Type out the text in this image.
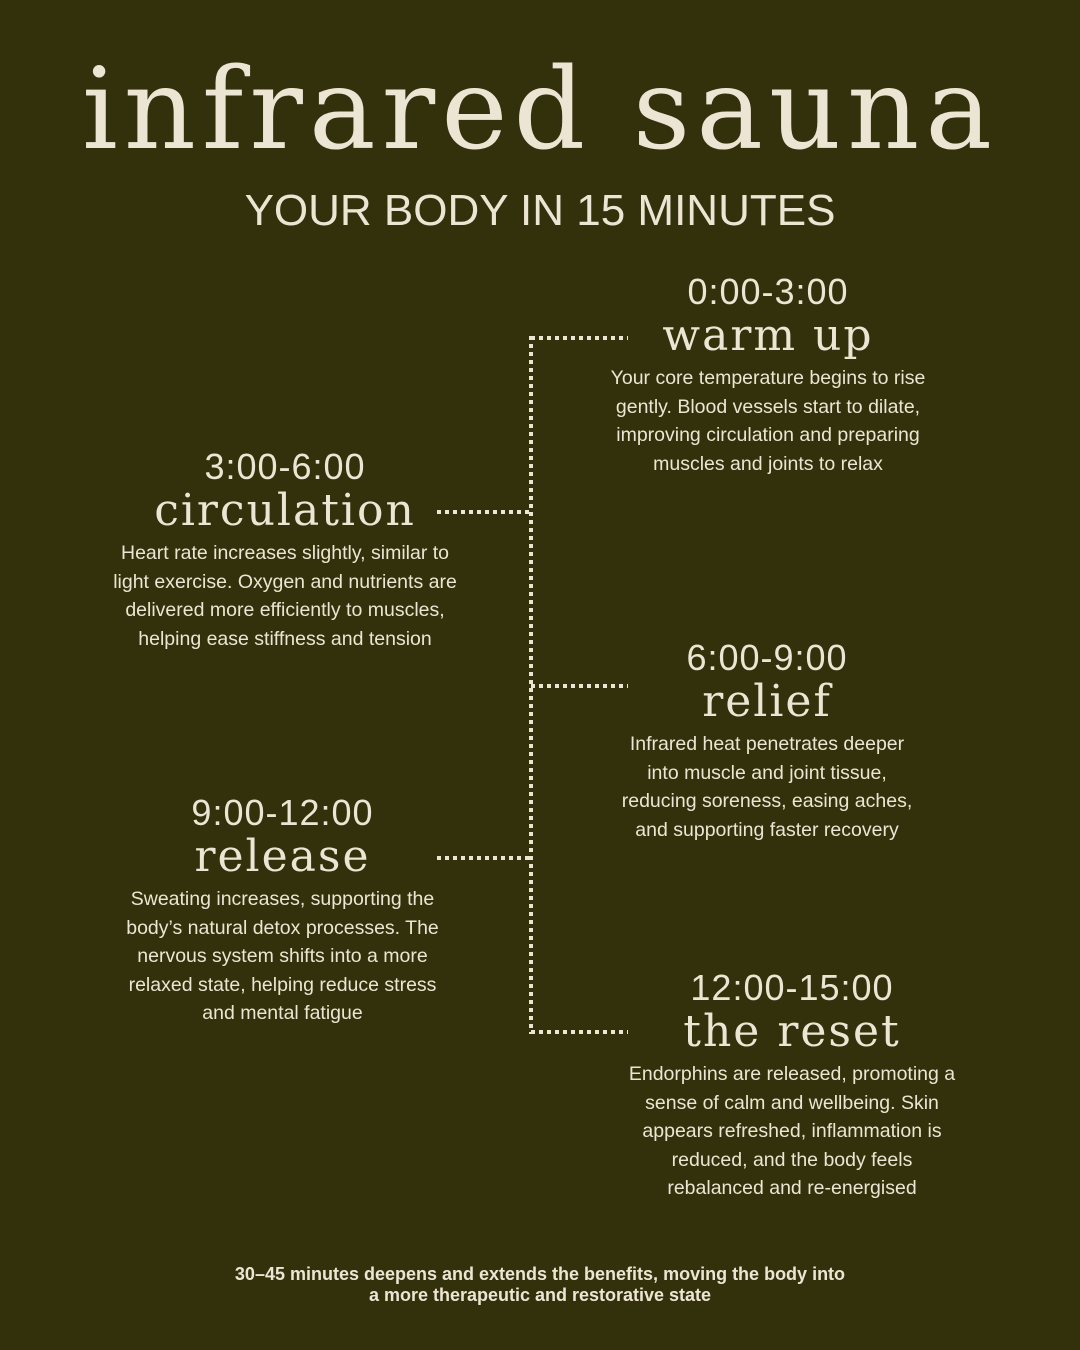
infrared sauna
YOUR BODY IN 15 MINUTES
0:00-3:00
warm up
Your core temperature begins to rise gently. Blood vessels start to dilate, improving circulation and preparing muscles and joints to relax
3:00-6:00
circulation
Heart rate increases slightly, similar to light exercise. Oxygen and nutrients are delivered more efficiently to muscles, helping ease stiffness and tension	6:00-9:00
relief
Infrared heat penetrates deeper into muscle and joint tissue, reducing soreness, easing aches, and supporting faster recovery
9:00-12:00
release
Sweating increases, supporting the body’s natural detox processes. The nervous system shifts into a more relaxed state, helping reduce stress and mental fatigue
12:00-15:00
the reset
Endorphins are released, promoting a sense of calm and wellbeing. Skin appears refreshed, inflammation is reduced, and the body feels rebalanced and re-energised
30–45 minutes deepens and extends the benefits, moving the body into a more therapeutic and restorative state
